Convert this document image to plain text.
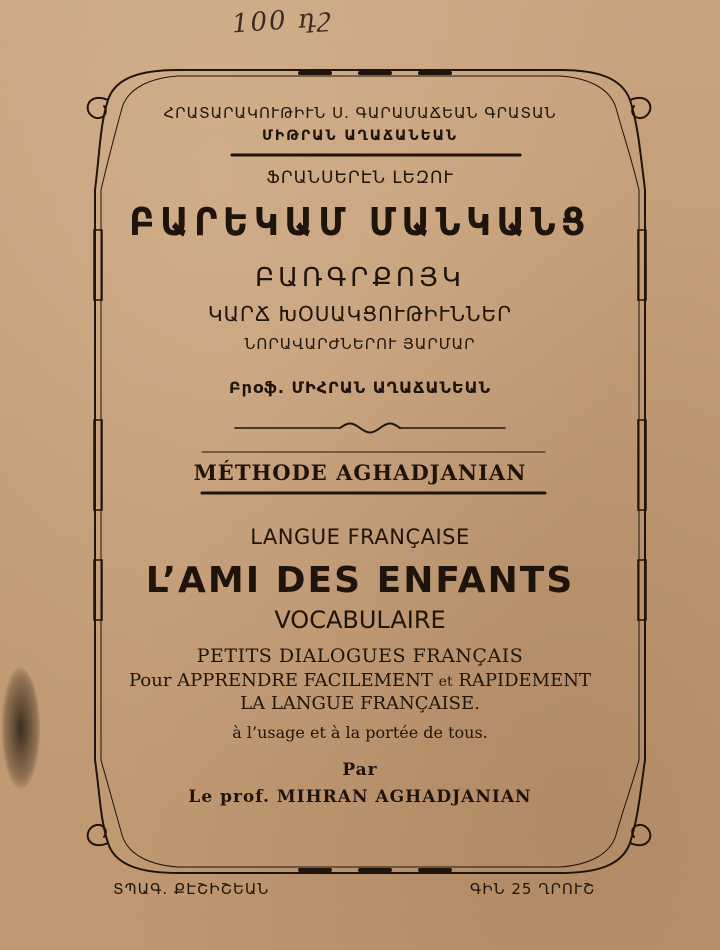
100 դշ
ՀՐԱՏԱՐԱԿՈՒԹԻՒՆ Ս. ԳԱՐԱՄԱՃԵԱՆ ԳՐԱՏԱՆ
ՄԻԹՐԱՆ ԱՂԱՃԱՆԵԱՆ
ՖՐԱՆՍԵՐԷՆ ԼԵԶՈՒ
ԲԱՐԵԿԱՄ ՄԱՆԿԱՆՑ
ԲԱՌԳՐՔՈՅԿ
ԿԱՐՃ ԽՕՍԱԿՑՈՒԹԻՒՆՆԵՐ
ՆՈՐԱՎԱՐԺՆԵՐՈՒ ՅԱՐՄԱՐ
Բրօֆ. ՄԻՀՐԱՆ ԱՂԱՃԱՆԵԱՆ
MÉTHODE AGHADJANIAN
LANGUE FRANÇAISE
L’AMI DES ENFANTS
VOCABULAIRE
PETITS DIALOGUES FRANÇAIS
Pour APPRENDRE FACILEMENT et RAPIDEMENT
LA LANGUE FRANÇAISE.
à l’usage et à la portée de tous.
Par
Le prof. MIHRAN AGHADJANIAN
ՏՊԱԳ. ՔԷՇԻՇԵԱՆ	ԳԻՆ 25 ՂՐՈՒՇ
